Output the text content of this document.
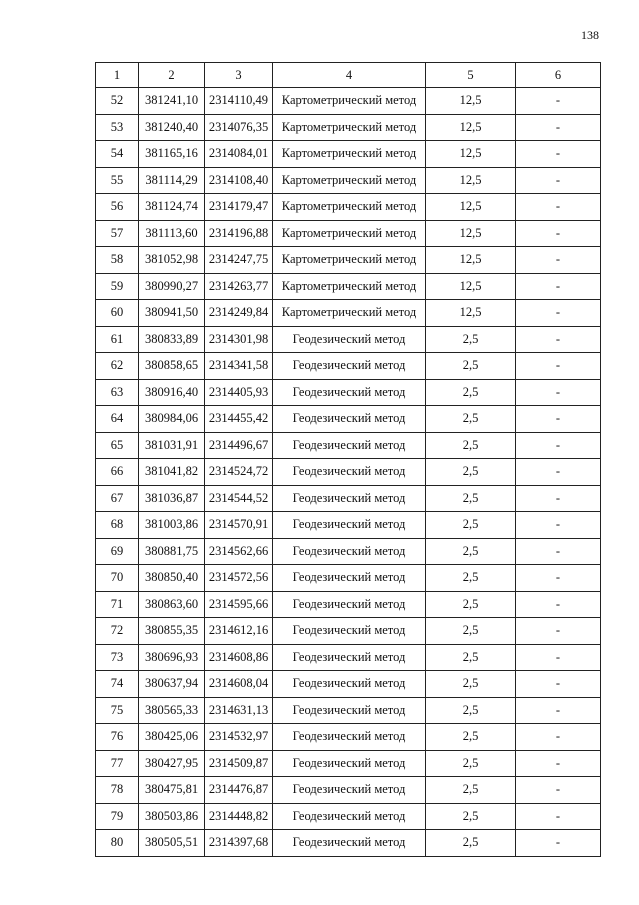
138
1	2	3	4	5	6
52	381241,10	2314110,49	Картометрический метод	12,5	-
53	381240,40	2314076,35	Картометрический метод	12,5	-
54	381165,16	2314084,01	Картометрический метод	12,5	-
55	381114,29	2314108,40	Картометрический метод	12,5	-
56	381124,74	2314179,47	Картометрический метод	12,5	-
57	381113,60	2314196,88	Картометрический метод	12,5	-
58	381052,98	2314247,75	Картометрический метод	12,5	-
59	380990,27	2314263,77	Картометрический метод	12,5	-
60	380941,50	2314249,84	Картометрический метод	12,5	-
61	380833,89	2314301,98	Геодезический метод	2,5	-
62	380858,65	2314341,58	Геодезический метод	2,5	-
63	380916,40	2314405,93	Геодезический метод	2,5	-
64	380984,06	2314455,42	Геодезический метод	2,5	-
65	381031,91	2314496,67	Геодезический метод	2,5	-
66	381041,82	2314524,72	Геодезический метод	2,5	-
67	381036,87	2314544,52	Геодезический метод	2,5	-
68	381003,86	2314570,91	Геодезический метод	2,5	-
69	380881,75	2314562,66	Геодезический метод	2,5	-
70	380850,40	2314572,56	Геодезический метод	2,5	-
71	380863,60	2314595,66	Геодезический метод	2,5	-
72	380855,35	2314612,16	Геодезический метод	2,5	-
73	380696,93	2314608,86	Геодезический метод	2,5	-
74	380637,94	2314608,04	Геодезический метод	2,5	-
75	380565,33	2314631,13	Геодезический метод	2,5	-
76	380425,06	2314532,97	Геодезический метод	2,5	-
77	380427,95	2314509,87	Геодезический метод	2,5	-
78	380475,81	2314476,87	Геодезический метод	2,5	-
79	380503,86	2314448,82	Геодезический метод	2,5	-
80	380505,51	2314397,68	Геодезический метод	2,5	-
